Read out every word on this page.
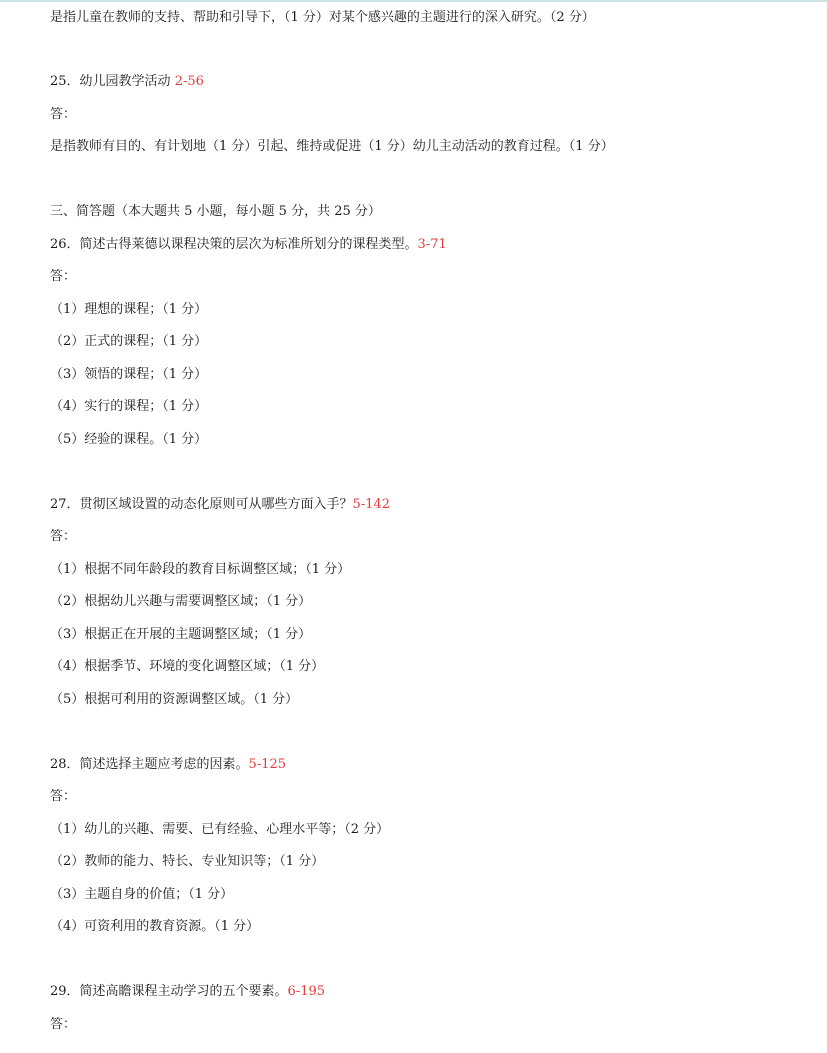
是指儿童在教师的支持、帮助和引导下，（1 分）对某个感兴趣的主题进行的深入研究。（2 分）
25．幼儿园教学活动 2-56
答：
是指教师有目的、有计划地（1 分）引起、维持或促进（1 分）幼儿主动活动的教育过程。（1 分）
三、简答题（本大题共 5 小题，每小题 5 分，共 25 分）
26．简述古得莱德以课程决策的层次为标准所划分的课程类型。3-71
答：
（1）理想的课程；（1 分）
（2）正式的课程；（1 分）
（3）领悟的课程；（1 分）
（4）实行的课程；（1 分）
（5）经验的课程。（1 分）
27．贯彻区域设置的动态化原则可从哪些方面入手？5-142
答：
（1）根据不同年龄段的教育目标调整区域；（1 分）
（2）根据幼儿兴趣与需要调整区域；（1 分）
（3）根据正在开展的主题调整区域；（1 分）
（4）根据季节、环境的变化调整区域；（1 分）
（5）根据可利用的资源调整区域。（1 分）
28．简述选择主题应考虑的因素。5-125
答：
（1）幼儿的兴趣、需要、已有经验、心理水平等；（2 分）
（2）教师的能力、特长、专业知识等；（1 分）
（3）主题自身的价值；（1 分）
（4）可资利用的教育资源。（1 分）
29．简述高瞻课程主动学习的五个要素。6-195
答：
